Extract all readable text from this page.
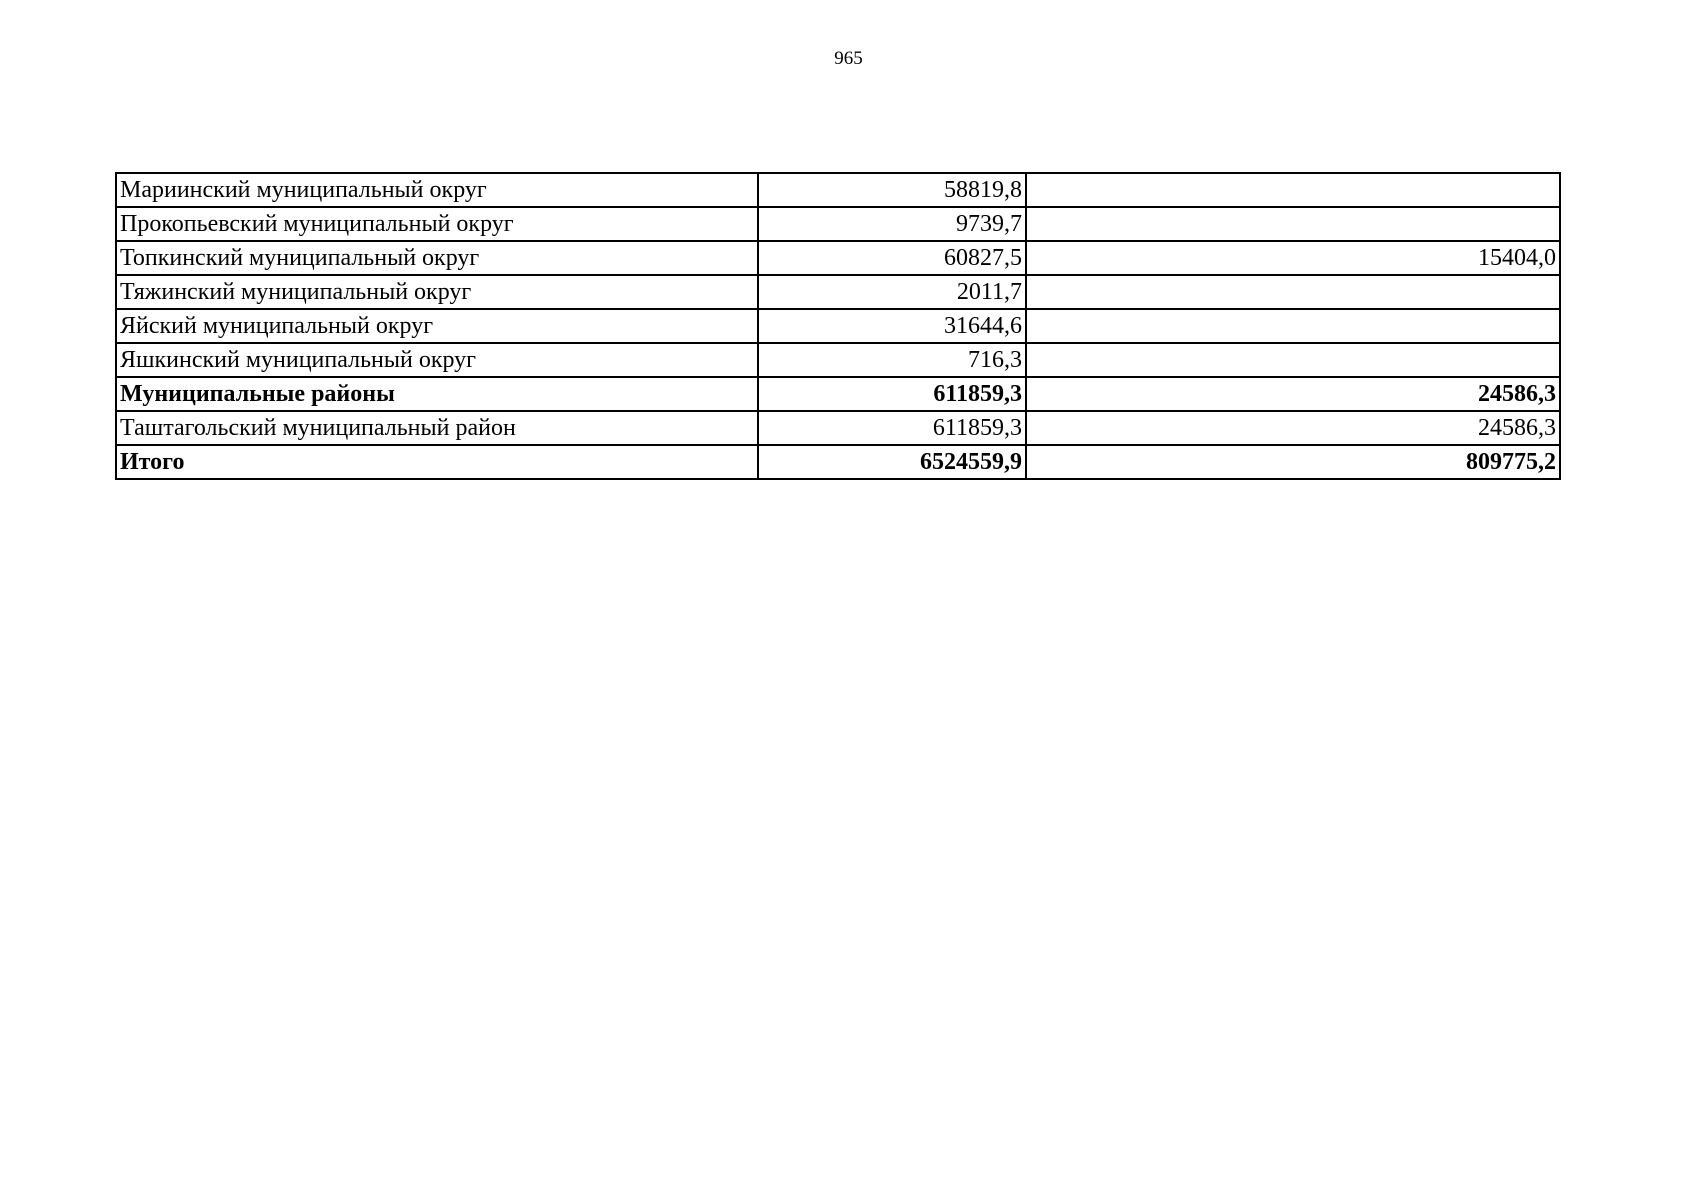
965
Мариинский муниципальный округ	58819,8	
Прокопьевский муниципальный округ	9739,7	
Топкинский муниципальный округ	60827,5	15404,0
Тяжинский муниципальный округ	2011,7	
Яйский муниципальный округ	31644,6	
Яшкинский муниципальный округ	716,3	
Муниципальные районы	611859,3	24586,3
Таштагольский муниципальный район	611859,3	24586,3
Итого	6524559,9	809775,2
